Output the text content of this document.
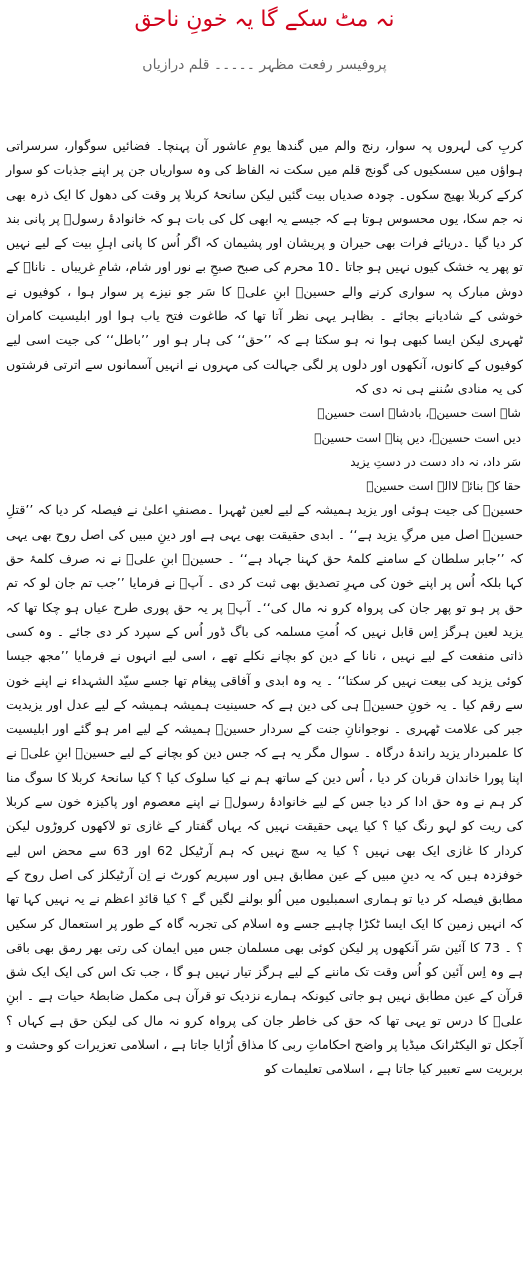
نہ مٹ سکے گا یہ خونِ ناحق
پروفیسر رفعت مظہر ۔۔۔۔۔ قلم درازیاں

کربِ کی لہروں پہ سوار، رنج والم میں گندھا یومِ عاشور آن پہنچا۔ فضائیں سوگوار، سرسراتی ہواؤں میں سسکیوں کی گونج قلم میں سکت نہ الفاظ کی وہ سواریاں جن پر اپنے جذبات کو سوار کرکے کربلا بھیج سکوں۔ چودہ صدیاں بیت گئیں لیکن سانحۂ کربلا پر وقت کی دھول کا ایک ذرہ بھی نہ جم سکا، یوں محسوس ہوتا ہے کہ جیسے یہ ابھی کل کی بات ہو کہ خانوادۂ رسولؐ پر پانی بند کر دیا گیا ۔دریائے فرات بھی حیران و پریشان اور پشیمان کہ اگر اُس کا پانی اہلِ بیت کے لیے نہیں تو پھر یہ خشک کیوں نہیں ہو جاتا ۔10 محرم کی صبح صبحِ بے نور اور شام، شامِ غریباں ۔ ناناﷺ کے دوش مبارک پہ سواری کرنے والے حسینؓ ابنِ علیؓ کا سَر جو نیزے پر سوار ہوا ، کوفیوں نے خوشی کے شادیانے بجائے ۔ بظاہر یہی نظر آتا تھا کہ طاغوت فتح یاب ہوا اور ابلیسیت کامران ٹھہری لیکن ایسا کبھی ہوا نہ ہو سکتا ہے کہ ’’حق‘‘ کی ہار ہو اور ’’باطل‘‘ کی جیت اسی لیے کوفیوں کے کانوں، آنکھوں اور دلوں پر لگی جہالت کی مہروں نے انہیں آسمانوں سے اترتی فرشتوں کی یہ منادی سُننے ہی نہ دی کہ

شاہ است حسینؓ، بادشاہ است حسینؓ

دیں است حسینؓ، دیں پناہ است حسینؓ

سَر داد، نہ داد دست در دستِ یزید

حقا کہ بنائے لاالہ است حسینؓ

حسینؓ کی جیت ہوئی اور یزید ہمیشہ کے لیے لعین ٹھہرا ۔مصنفِ اعلیٰ نے فیصلہ کر دیا کہ ’’قتلِ حسینؓ اصل میں مرگِ یزید ہے‘‘ ۔ ابدی حقیقت بھی یہی ہے اور دینِ مبیں کی اصل روح بھی یہی کہ ’’جابر سلطان کے سامنے کلمۂ حق کہنا جہاد ہے‘‘ ۔ حسینؓ ابنِ علیؓ نے نہ صرف کلمۂ حق کہا بلکہ اُس پر اپنے خون کی مہرِ تصدیق بھی ثبت کر دی ۔ آپؓ نے فرمایا ’’جب تم جان لو کہ تم حق پر ہو تو پھر جان کی پرواہ کرو نہ مال کی‘‘۔ آپؓ پر یہ حق پوری طرح عیاں ہو چکا تھا کہ یزید لعین ہرگز اِس قابل نہیں کہ اُمتِ مسلمہ کی باگ ڈور اُس کے سپرد کر دی جائے ۔ وہ کسی ذاتی منفعت کے لیے نہیں ، نانا کے دین کو بچانے نکلے تھے ، اسی لیے انہوں نے فرمایا ’’مجھ جیسا کوئی یزید کی بیعت نہیں کر سکتا‘‘ ۔ یہ وہ ابدی و آفاقی پیغام تھا جسے سیّد الشہداء نے اپنے خون سے رقم کیا ۔ یہ خونِ حسینؓ ہی کی دین ہے کہ حسینیت ہمیشہ ہمیشہ کے لیے عدل اور یزیدیت جبر کی علامت ٹھہری ۔ نوجوانانِ جنت کے سردار حسینؓ ہمیشہ کے لیے امر ہو گئے اور ابلیسیت کا علمبردار یزید راندۂ درگاہ ۔ سوال مگر یہ ہے کہ جس دین کو بچانے کے لیے حسینؓ ابنِ علیؓ نے اپنا پورا خاندان قربان کر دیا ، اُس دین کے ساتھ ہم نے کیا سلوک کیا ؟ کیا سانحۂ کربلا کا سوگ منا کر ہم نے وہ حق ادا کر دیا جس کے لیے خانوادۂ رسولؐ نے اپنے معصوم اور پاکیزہ خون سے کربلا کی ریت کو لہو رنگ کیا ؟ کیا یہی حقیقت نہیں کہ یہاں گفتار کے غازی تو لاکھوں کروڑوں لیکن کردار کا غازی ایک بھی نہیں ؟ کیا یہ سچ نہیں کہ ہم آرٹیکل 62 اور 63 سے محض اس لیے خوفزدہ ہیں کہ یہ دینِ مبیں کے عین مطابق ہیں اور سپریم کورٹ نے اِن آرٹیکلز کی اصل روح کے مطابق فیصلہ کر دیا تو ہماری اسمبلیوں میں اُلو بولنے لگیں گے ؟ کیا قائدِ اعظم نے یہ نہیں کہا تھا کہ انہیں زمین کا ایک ایسا ٹکڑا چاہیے جسے وہ اسلام کی تجربہ گاہ کے طور پر استعمال کر سکیں ؟ ۔ 73 کا آئین سَر آنکھوں پر لیکن کوئی بھی مسلمان جس میں ایمان کی رتی بھر رمق بھی باقی ہے وہ اِس آئین کو اُس وقت تک ماننے کے لیے ہرگز تیار نہیں ہو گا ، جب تک اس کی ایک ایک شق قرآن کے عین مطابق نہیں ہو جاتی کیونکہ ہمارے نزدیک تو قرآن ہی مکمل ضابطۂ حیات ہے ۔ ابنِ علیؓ کا درس تو یہی تھا کہ حق کی خاطر جان کی پرواہ کرو نہ مال کی لیکن حق ہے کہاں ؟ آجکل تو الیکٹرانک میڈیا پر واضح احکاماتِ ربی کا مذاق اُڑایا جاتا ہے ، اسلامی تعزیرات کو وحشت و بربریت سے تعبیر کیا جاتا ہے ، اسلامی تعلیمات کو
